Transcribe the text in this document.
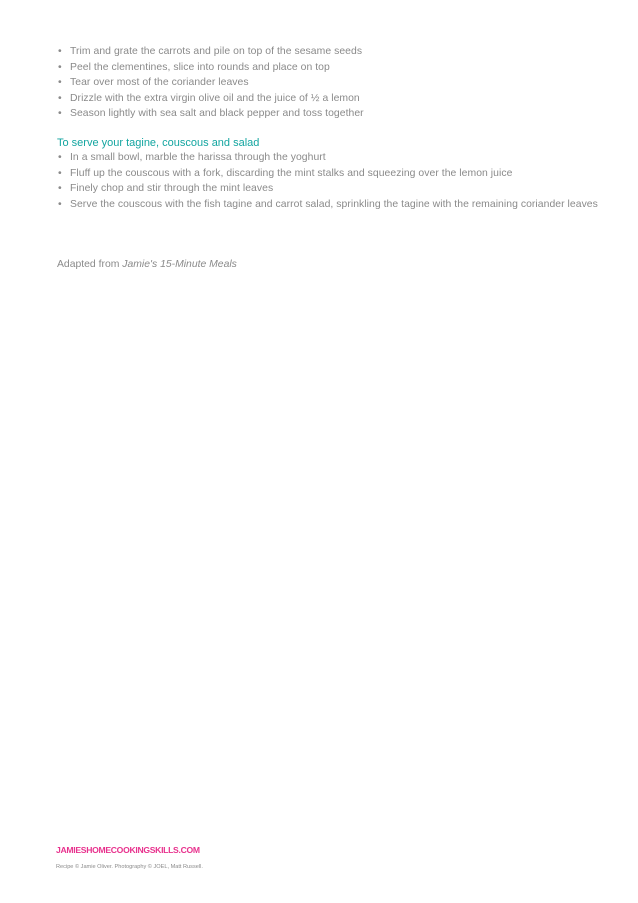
• Trim and grate the carrots and pile on top of the sesame seeds
• Peel the clementines, slice into rounds and place on top
• Tear over most of the coriander leaves
• Drizzle with the extra virgin olive oil and the juice of ½ a lemon
• Season lightly with sea salt and black pepper and toss together
To serve your tagine, couscous and salad
• In a small bowl, marble the harissa through the yoghurt
• Fluff up the couscous with a fork, discarding the mint stalks and squeezing over the lemon juice
• Finely chop and stir through the mint leaves
• Serve the couscous with the fish tagine and carrot salad, sprinkling the tagine with the remaining coriander leaves

Adapted from Jamie's 15-Minute Meals

JAMIESHOMECOOKINGSKILLS.COM

Recipe © Jamie Oliver. Photography © JOEL, Matt Russell.
